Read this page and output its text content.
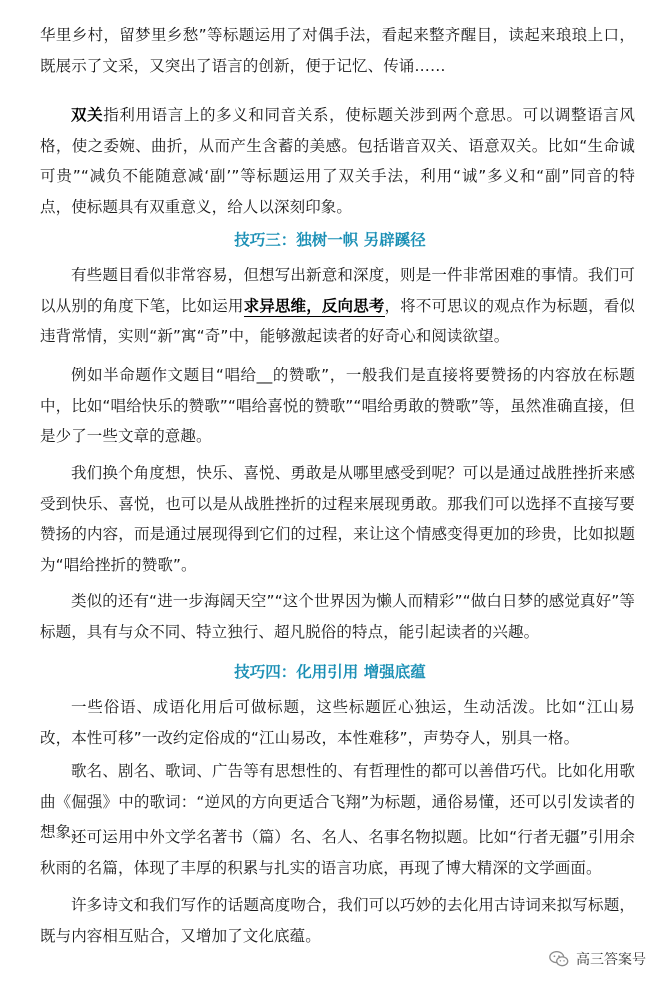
华里乡村，留梦里乡愁”等标题运用了对偶手法，看起来整齐醒目，读起来琅琅上口，既展示了文采，又突出了语言的创新，便于记忆、传诵……

双关指利用语言上的多义和同音关系，使标题关涉到两个意思。可以调整语言风格，使之委婉、曲折，从而产生含蓄的美感。包括谐音双关、语意双关。比如“生命诚可贵”“减负不能随意减‘副’”等标题运用了双关手法，利用“诚”多义和“副”同音的特点，使标题具有双重意义，给人以深刻印象。

技巧三：独树一帜 另辟蹊径

有些题目看似非常容易，但想写出新意和深度，则是一件非常困难的事情。我们可以从别的角度下笔，比如运用求异思维，反向思考，将不可思议的观点作为标题，看似违背常情，实则“新”寓“奇”中，能够激起读者的好奇心和阅读欲望。

例如半命题作文题目“唱给__的赞歌”，一般我们是直接将要赞扬的内容放在标题中，比如“唱给快乐的赞歌”“唱给喜悦的赞歌”“唱给勇敢的赞歌”等，虽然准确直接，但是少了一些文章的意趣。

我们换个角度想，快乐、喜悦、勇敢是从哪里感受到呢？可以是通过战胜挫折来感受到快乐、喜悦，也可以是从战胜挫折的过程来展现勇敢。那我们可以选择不直接写要赞扬的内容，而是通过展现得到它们的过程，来让这个情感变得更加的珍贵，比如拟题为“唱给挫折的赞歌”。

类似的还有“进一步海阔天空”“这个世界因为懒人而精彩”“做白日梦的感觉真好”等标题，具有与众不同、特立独行、超凡脱俗的特点，能引起读者的兴趣。

技巧四：化用引用 增强底蕴

一些俗语、成语化用后可做标题，这些标题匠心独运，生动活泼。比如“江山易改，本性可移”一改约定俗成的“江山易改，本性难移”，声势夺人，别具一格。

歌名、剧名、歌词、广告等有思想性的、有哲理性的都可以善借巧代。比如化用歌曲《倔强》中的歌词：“逆风的方向更适合飞翔”为标题，通俗易懂，还可以引发读者的想象。

还可运用中外文学名著书（篇）名、名人、名事名物拟题。比如“行者无疆”引用余秋雨的名篇，体现了丰厚的积累与扎实的语言功底，再现了博大精深的文学画面。

许多诗文和我们写作的话题高度吻合，我们可以巧妙的去化用古诗词来拟写标题，既与内容相互贴合，又增加了文化底蕴。

高三答案号
